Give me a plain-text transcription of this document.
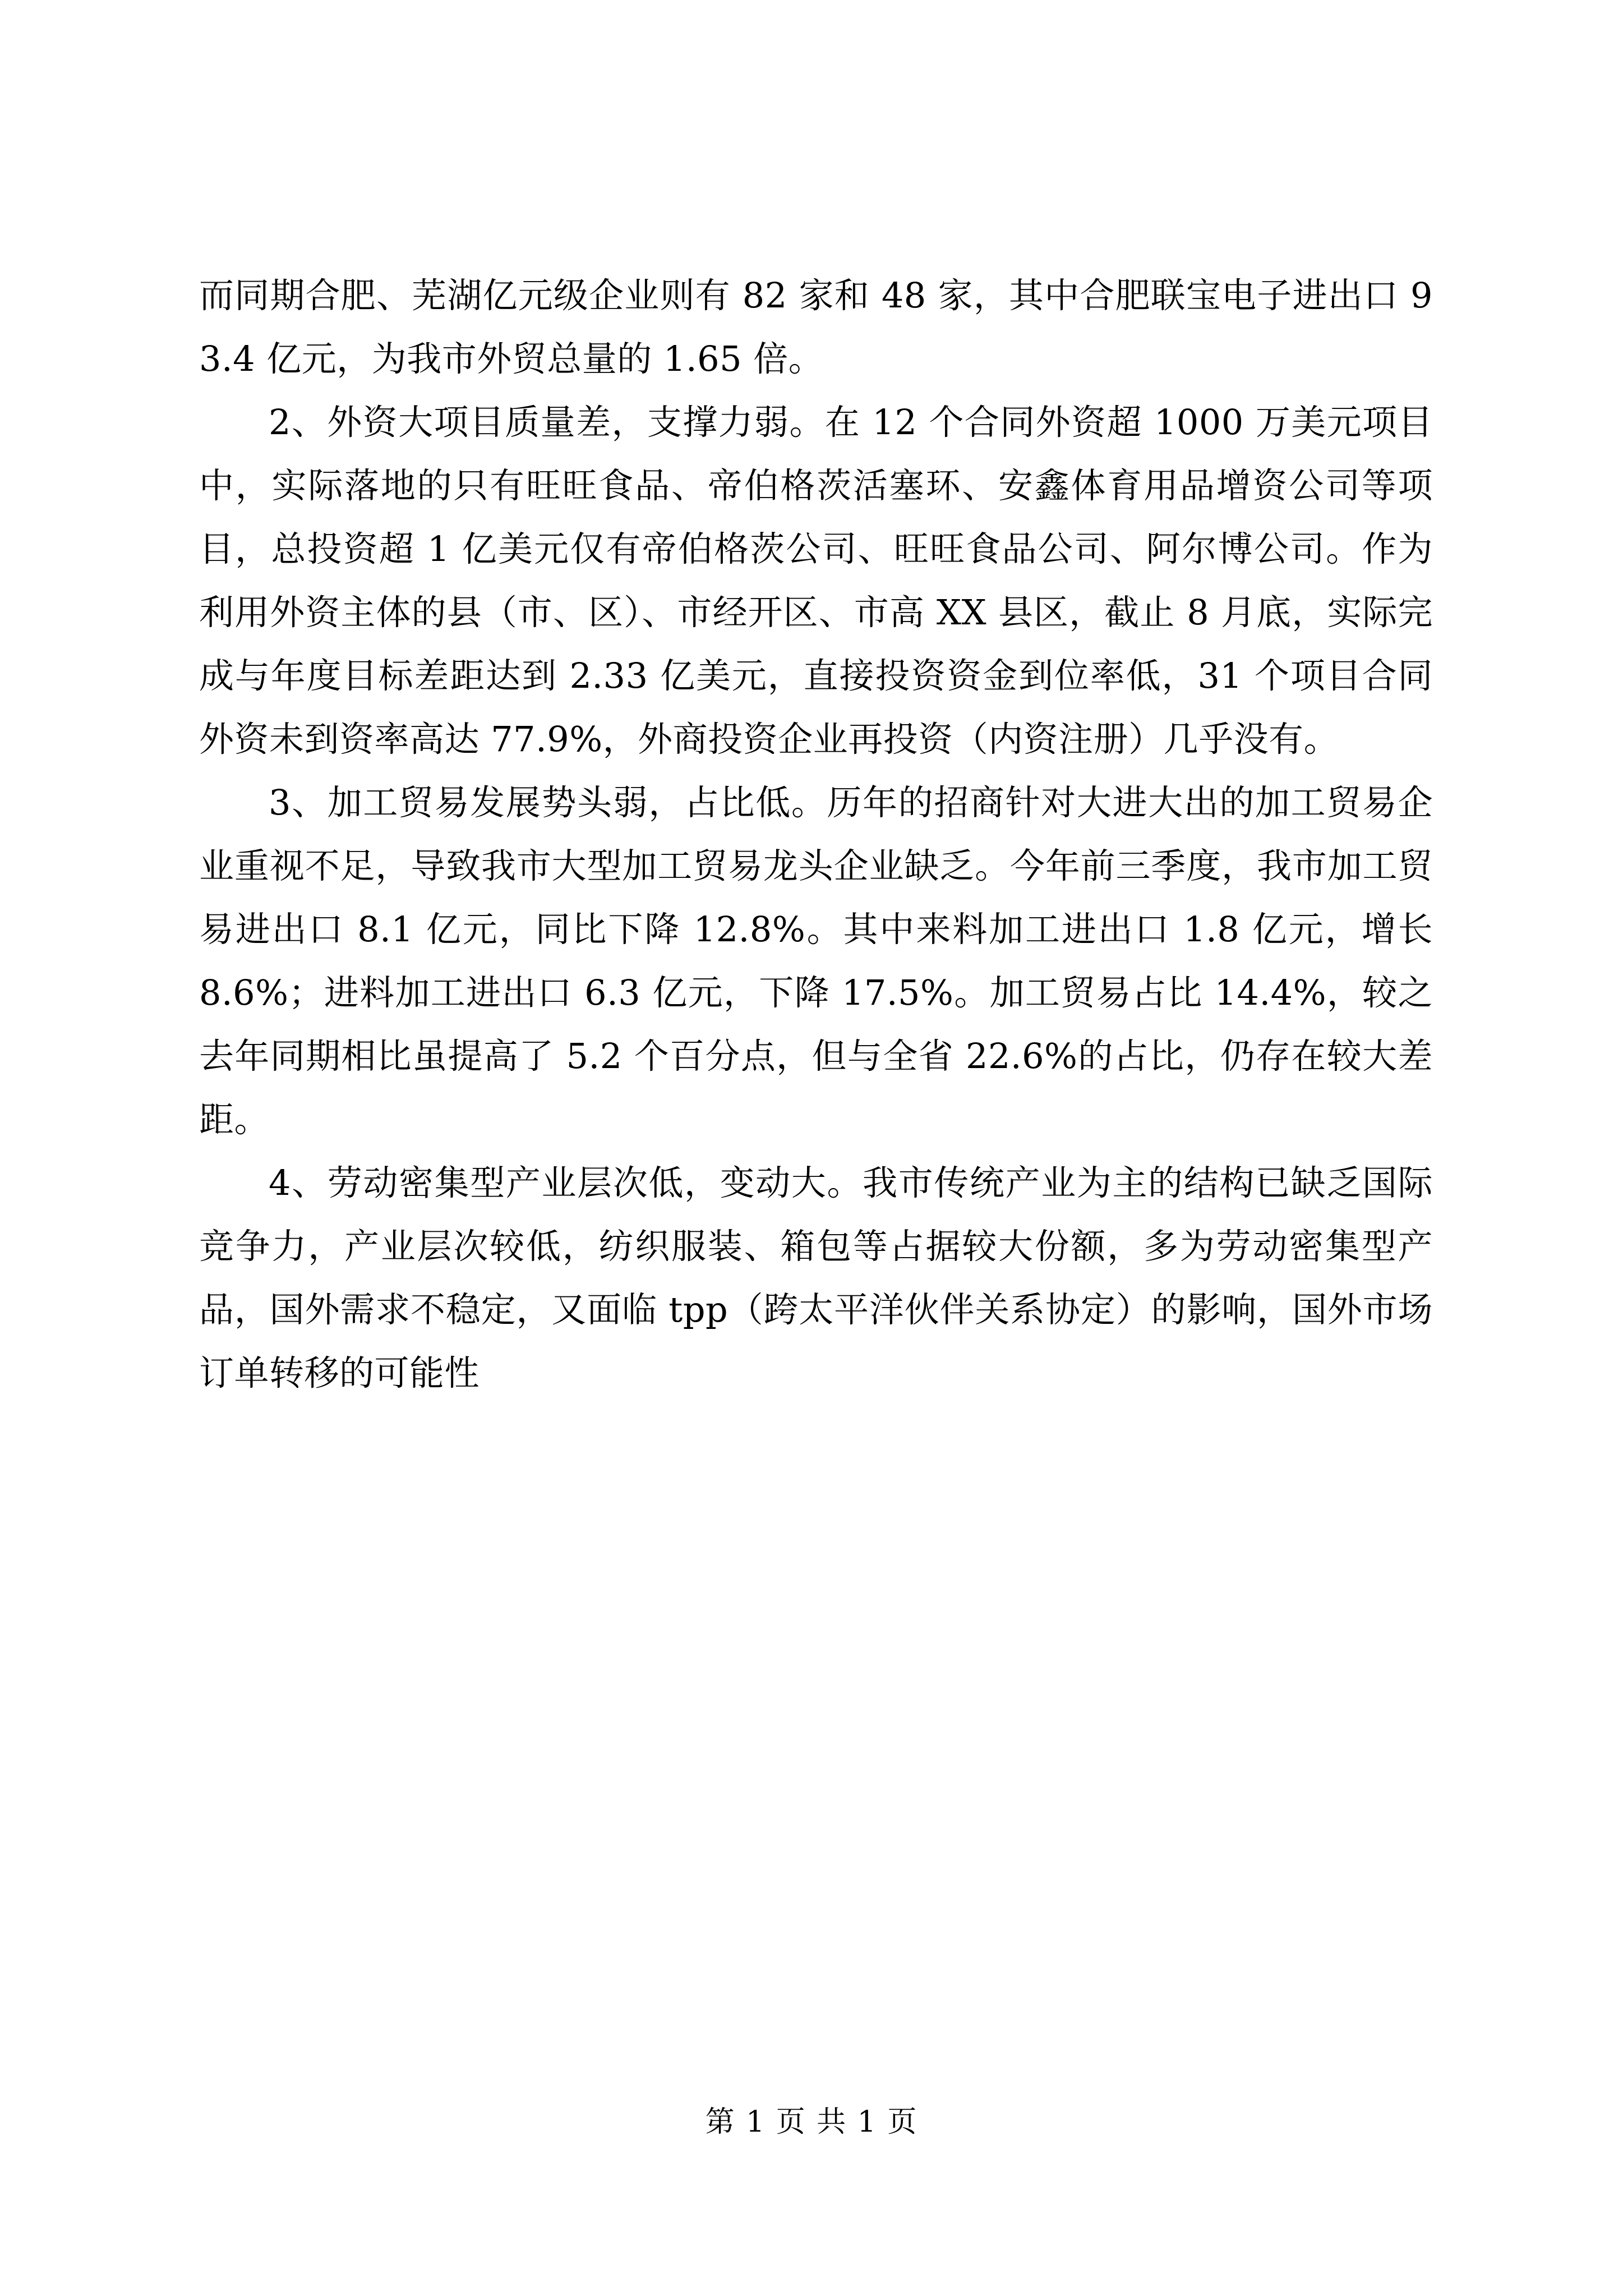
而同期合肥、芜湖亿元级企业则有 82 家和 48 家，其中合肥联宝电子进出口 93.4 亿元，为我市外贸总量的 1.65 倍。

2、外资大项目质量差，支撑力弱。在 12 个合同外资超 1000 万美元项目中，实际落地的只有旺旺食品、帝伯格茨活塞环、安鑫体育用品增资公司等项目，总投资超 1 亿美元仅有帝伯格茨公司、旺旺食品公司、阿尔博公司。作为利用外资主体的县（市、区）、市经开区、市高 XX 县区，截止 8 月底，实际完成与年度目标差距达到 2.33 亿美元，直接投资资金到位率低，31 个项目合同外资未到资率高达 77.9%，外商投资企业再投资（内资注册）几乎没有。

3、加工贸易发展势头弱，占比低。历年的招商针对大进大出的加工贸易企业重视不足，导致我市大型加工贸易龙头企业缺乏。今年前三季度，我市加工贸易进出口 8.1 亿元，同比下降 12.8%。其中来料加工进出口 1.8 亿元，增长 8.6%；进料加工进出口 6.3 亿元，下降 17.5%。加工贸易占比 14.4%，较之去年同期相比虽提高了 5.2 个百分点，但与全省 22.6%的占比，仍存在较大差距。

4、劳动密集型产业层次低，变动大。我市传统产业为主的结构已缺乏国际竞争力，产业层次较低，纺织服装、箱包等占据较大份额，多为劳动密集型产品，国外需求不稳定，又面临 tpp（跨太平洋伙伴关系协定）的影响，国外市场订单转移的可能性

第 1 页 共 1 页
